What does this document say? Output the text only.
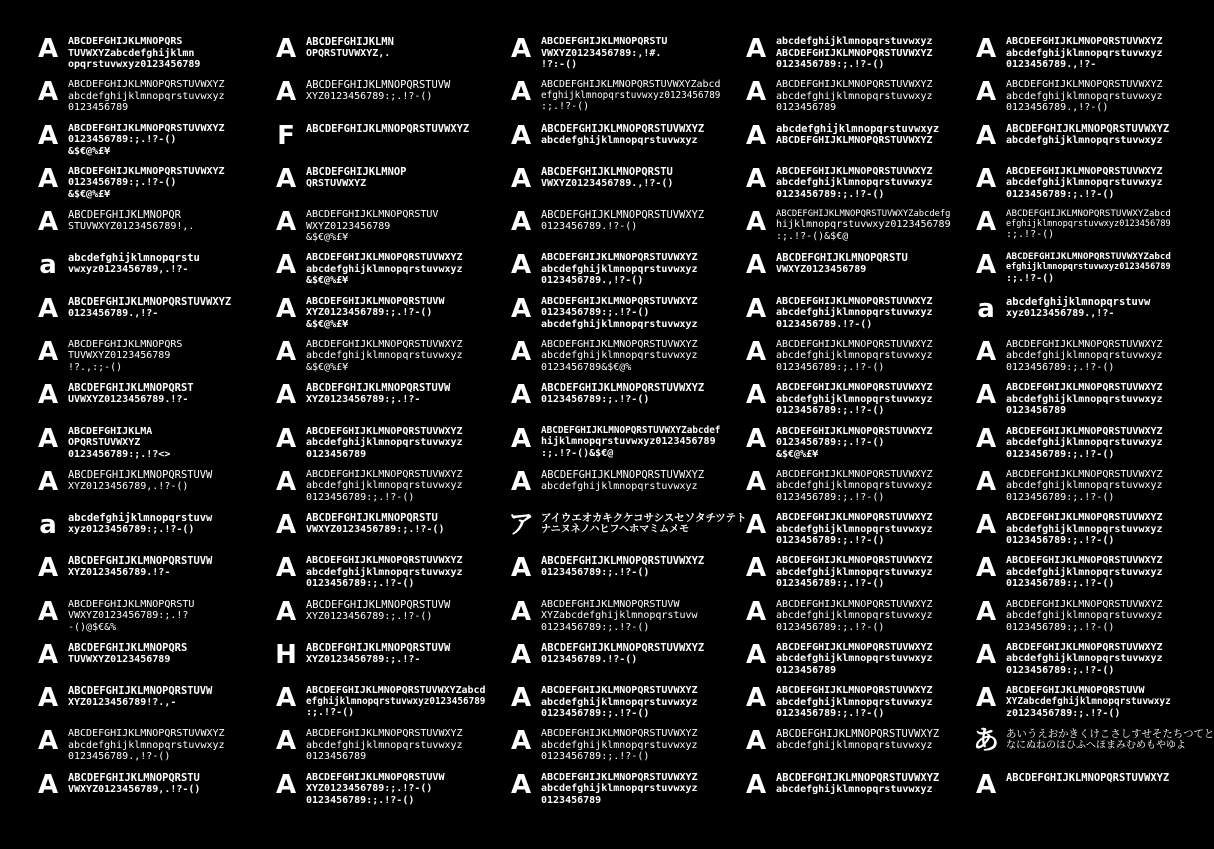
A ABCDEFGHIJKLMNOPQRS
TUVWXYZabcdefghijklmn
opqrstuvwxyz0123456789
A ABCDEFGHIJKLMNOPQRSTUVWXYZ
abcdefghijklmnopqrstuvwxyz
0123456789
A ABCDEFGHIJKLMNOPQRSTUVWXYZ
0123456789:;.!?-()
&$€@%£¥
A ABCDEFGHIJKLMNOPQRSTUVWXYZ
0123456789:;.!?-()
&$€@%£¥
A ABCDEFGHIJKLMNOPQR
STUVWXYZ0123456789!,.
a abcdefghijklmnopqrstu
vwxyz0123456789,.!?-
A ABCDEFGHIJKLMNOPQRSTUVWXYZ
0123456789.,!?-
A ABCDEFGHIJKLMNOPQRS
TUVWXYZ0123456789
!?.,:;-()
A ABCDEFGHIJKLMNOPQRST
UVWXYZ0123456789.!?-
A ABCDEFGHIJKLMA
OPQRSTUVWXYZ
0123456789:;.!?<>
A ABCDEFGHIJKLMNOPQRSTUVW
XYZ0123456789,.!?-()
a abcdefghijklmnopqrstuvw
xyz0123456789:;.!?-()
A ABCDEFGHIJKLMNOPQRSTUVW
XYZ0123456789.!?-
A ABCDEFGHIJKLMNOPQRSTU
VWXYZ0123456789:;.!?
-()@$€&%
A ABCDEFGHIJKLMNOPQRS
TUVWXYZ0123456789
A ABCDEFGHIJKLMNOPQRSTUVW
XYZ0123456789!?.,-
A ABCDEFGHIJKLMNOPQRSTUVWXYZ
abcdefghijklmnopqrstuvwxyz
0123456789.,!?-()
A ABCDEFGHIJKLMNOPQRSTU
VWXYZ0123456789,.!?-()
A ABCDEFGHIJKLMN
OPQRSTUVWXYZ,.
A ABCDEFGHIJKLMNOPQRSTUVW
XYZ0123456789:;.!?-()
F ABCDEFGHIJKLMNOPQRSTUVWXYZ
A ABCDEFGHIJKLMNOP
QRSTUVWXYZ
A ABCDEFGHIJKLMNOPQRSTUV
WXYZ0123456789
&$€@%£¥
A ABCDEFGHIJKLMNOPQRSTUVWXYZ
abcdefghijklmnopqrstuvwxyz
&$€@%£¥
A ABCDEFGHIJKLMNOPQRSTUVW
XYZ0123456789:;.!?-()
&$€@%£¥
A ABCDEFGHIJKLMNOPQRSTUVWXYZ
abcdefghijklmnopqrstuvwxyz
&$€@%£¥
A ABCDEFGHIJKLMNOPQRSTUVW
XYZ0123456789:;.!?-
A ABCDEFGHIJKLMNOPQRSTUVWXYZ
abcdefghijklmnopqrstuvwxyz
0123456789
A ABCDEFGHIJKLMNOPQRSTUVWXYZ
abcdefghijklmnopqrstuvwxyz
0123456789:;.!?-()
A ABCDEFGHIJKLMNOPQRSTU
VWXYZ0123456789:;.!?-()
A ABCDEFGHIJKLMNOPQRSTUVWXYZ
abcdefghijklmnopqrstuvwxyz
0123456789:;.!?-()
A ABCDEFGHIJKLMNOPQRSTUVW
XYZ0123456789:;.!?-()
H ABCDEFGHIJKLMNOPQRSTUVW
XYZ0123456789:;.!?-
A ABCDEFGHIJKLMNOPQRSTUVWXYZabcd
efghijklmnopqrstuvwxyz0123456789
:;.!?-()
A ABCDEFGHIJKLMNOPQRSTUVWXYZ
abcdefghijklmnopqrstuvwxyz
0123456789
A ABCDEFGHIJKLMNOPQRSTUVW
XYZ0123456789:;.!?-()
0123456789:;.!?-()
A ABCDEFGHIJKLMNOPQRSTU
VWXYZ0123456789:,!#.
!?:-()
A ABCDEFGHIJKLMNOPQRSTUVWXYZabcd
efghijklmnopqrstuvwxyz0123456789
:;.!?-()
A ABCDEFGHIJKLMNOPQRSTUVWXYZ
abcdefghijklmnopqrstuvwxyz
A ABCDEFGHIJKLMNOPQRSTU
VWXYZ0123456789.,!?-()
A ABCDEFGHIJKLMNOPQRSTUVWXYZ
0123456789.!?-()
A ABCDEFGHIJKLMNOPQRSTUVWXYZ
abcdefghijklmnopqrstuvwxyz
0123456789.,!?-()
A ABCDEFGHIJKLMNOPQRSTUVWXYZ
0123456789:;.!?-()
abcdefghijklmnopqrstuvwxyz
A ABCDEFGHIJKLMNOPQRSTUVWXYZ
abcdefghijklmnopqrstuvwxyz
0123456789&$€@%
A ABCDEFGHIJKLMNOPQRSTUVWXYZ
0123456789:;.!?-()
A ABCDEFGHIJKLMNOPQRSTUVWXYZabcdef
hijklmnopqrstuvwxyz0123456789
:;.!?-()&$€@
A ABCDEFGHIJKLMNOPQRSTUVWXYZ
abcdefghijklmnopqrstuvwxyz
ア アイウエオカキクケコサシスセソタチツテト
ナニヌネノハヒフヘホマミムメモ
A ABCDEFGHIJKLMNOPQRSTUVWXYZ
0123456789:;.!?-()
A ABCDEFGHIJKLMNOPQRSTUVW
XYZabcdefghijklmnopqrstuvw
0123456789:;.!?-()
A ABCDEFGHIJKLMNOPQRSTUVWXYZ
0123456789.!?-()
A ABCDEFGHIJKLMNOPQRSTUVWXYZ
abcdefghijklmnopqrstuvwxyz
0123456789:;.!?-()
A ABCDEFGHIJKLMNOPQRSTUVWXYZ
abcdefghijklmnopqrstuvwxyz
0123456789:;.!?-()
A ABCDEFGHIJKLMNOPQRSTUVWXYZ
abcdefghijklmnopqrstuvwxyz
0123456789
A abcdefghijklmnopqrstuvwxyz
ABCDEFGHIJKLMNOPQRSTUVWXYZ
0123456789:;.!?-()
A ABCDEFGHIJKLMNOPQRSTUVWXYZ
abcdefghijklmnopqrstuvwxyz
0123456789
A abcdefghijklmnopqrstuvwxyz
ABCDEFGHIJKLMNOPQRSTUVWXYZ
A ABCDEFGHIJKLMNOPQRSTUVWXYZ
abcdefghijklmnopqrstuvwxyz
0123456789:;.!?-()
A ABCDEFGHIJKLMNOPQRSTUVWXYZabcdefg
hijklmnopqrstuvwxyz0123456789
:;.!?-()&$€@
A ABCDEFGHIJKLMNOPQRSTU
VWXYZ0123456789
A ABCDEFGHIJKLMNOPQRSTUVWXYZ
abcdefghijklmnopqrstuvwxyz
0123456789.!?-()
A ABCDEFGHIJKLMNOPQRSTUVWXYZ
abcdefghijklmnopqrstuvwxyz
0123456789:;.!?-()
A ABCDEFGHIJKLMNOPQRSTUVWXYZ
abcdefghijklmnopqrstuvwxyz
0123456789:;.!?-()
A ABCDEFGHIJKLMNOPQRSTUVWXYZ
0123456789:;.!?-()
&$€@%£¥
A ABCDEFGHIJKLMNOPQRSTUVWXYZ
abcdefghijklmnopqrstuvwxyz
0123456789:;.!?-()
A ABCDEFGHIJKLMNOPQRSTUVWXYZ
abcdefghijklmnopqrstuvwxyz
0123456789:;.!?-()
A ABCDEFGHIJKLMNOPQRSTUVWXYZ
abcdefghijklmnopqrstuvwxyz
0123456789:;.!?-()
A ABCDEFGHIJKLMNOPQRSTUVWXYZ
abcdefghijklmnopqrstuvwxyz
0123456789:;.!?-()
A ABCDEFGHIJKLMNOPQRSTUVWXYZ
abcdefghijklmnopqrstuvwxyz
0123456789
A ABCDEFGHIJKLMNOPQRSTUVWXYZ
abcdefghijklmnopqrstuvwxyz
0123456789:;.!?-()
A ABCDEFGHIJKLMNOPQRSTUVWXYZ
abcdefghijklmnopqrstuvwxyz
A ABCDEFGHIJKLMNOPQRSTUVWXYZ
abcdefghijklmnopqrstuvwxyz
A ABCDEFGHIJKLMNOPQRSTUVWXYZ
abcdefghijklmnopqrstuvwxyz
0123456789.,!?-
A ABCDEFGHIJKLMNOPQRSTUVWXYZ
abcdefghijklmnopqrstuvwxyz
0123456789.,!?-()
A ABCDEFGHIJKLMNOPQRSTUVWXYZ
abcdefghijklmnopqrstuvwxyz
A ABCDEFGHIJKLMNOPQRSTUVWXYZ
abcdefghijklmnopqrstuvwxyz
0123456789:;.!?-()
A ABCDEFGHIJKLMNOPQRSTUVWXYZabcd
efghijklmnopqrstuvwxyz0123456789
:;.!?-()
A ABCDEFGHIJKLMNOPQRSTUVWXYZabcd
efghijklmnopqrstuvwxyz0123456789
:;.!?-()
a abcdefghijklmnopqrstuvw
xyz0123456789.,!?-
A ABCDEFGHIJKLMNOPQRSTUVWXYZ
abcdefghijklmnopqrstuvwxyz
0123456789:;.!?-()
A ABCDEFGHIJKLMNOPQRSTUVWXYZ
abcdefghijklmnopqrstuvwxyz
0123456789
A ABCDEFGHIJKLMNOPQRSTUVWXYZ
abcdefghijklmnopqrstuvwxyz
0123456789:;.!?-()
A ABCDEFGHIJKLMNOPQRSTUVWXYZ
abcdefghijklmnopqrstuvwxyz
0123456789:;.!?-()
A ABCDEFGHIJKLMNOPQRSTUVWXYZ
abcdefghijklmnopqrstuvwxyz
0123456789:;.!?-()
A ABCDEFGHIJKLMNOPQRSTUVWXYZ
abcdefghijklmnopqrstuvwxyz
0123456789:;.!?-()
A ABCDEFGHIJKLMNOPQRSTUVWXYZ
abcdefghijklmnopqrstuvwxyz
0123456789:;.!?-()
A ABCDEFGHIJKLMNOPQRSTUVWXYZ
abcdefghijklmnopqrstuvwxyz
0123456789:;.!?-()
A ABCDEFGHIJKLMNOPQRSTUVW
XYZabcdefghijklmnopqrstuvwxyz
z0123456789:;.!?-()
あ あいうえおかきくけこさしすせそたちつてと
なにぬねのはひふへほまみむめもやゆよ
A ABCDEFGHIJKLMNOPQRSTUVWXYZ
